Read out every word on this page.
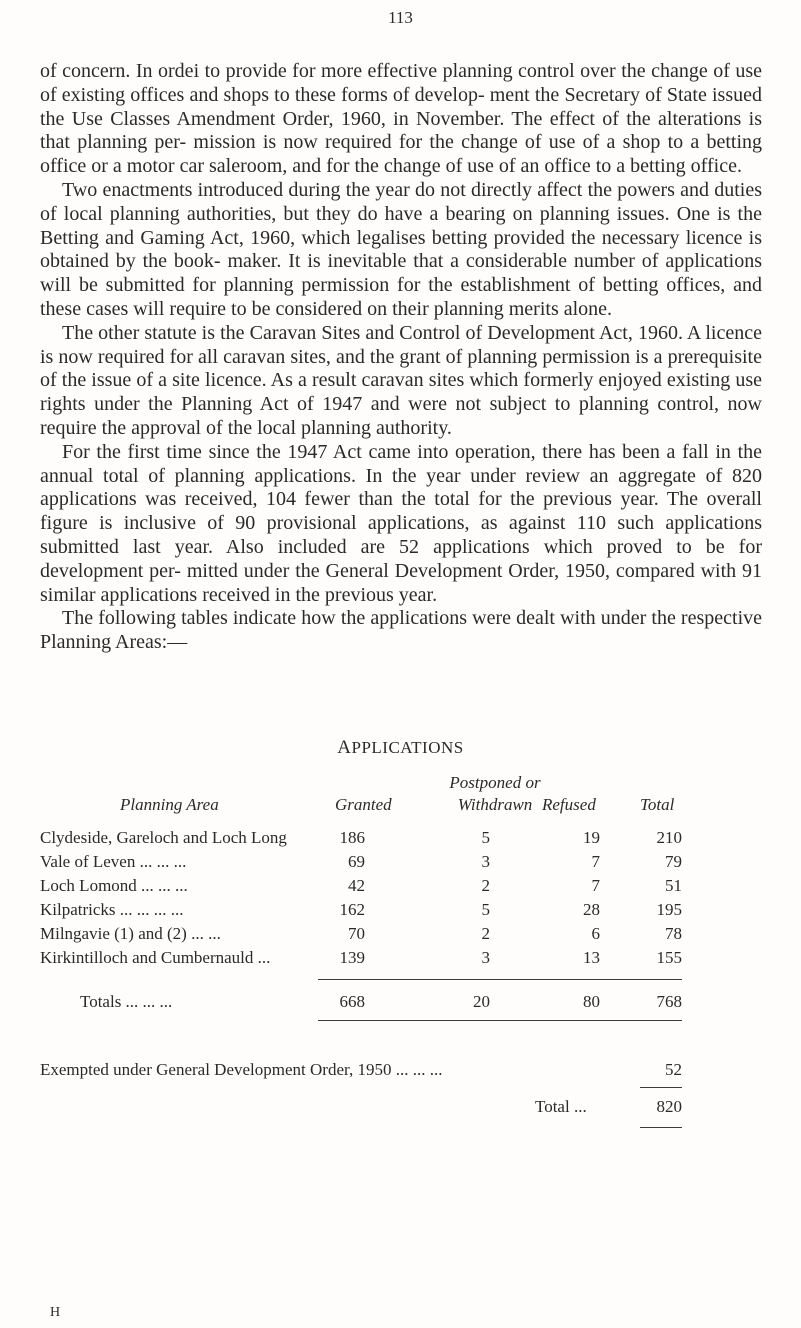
113

of concern. In ordei to provide for more effective planning control over the change of use of existing offices and shops to these forms of develop- ment the Secretary of State issued the Use Classes Amendment Order, 1960, in November. The effect of the alterations is that planning per- mission is now required for the change of use of a shop to a betting office or a motor car saleroom, and for the change of use of an office to a betting office.

Two enactments introduced during the year do not directly affect the powers and duties of local planning authorities, but they do have a bearing on planning issues. One is the Betting and Gaming Act, 1960, which legalises betting provided the necessary licence is obtained by the book- maker. It is inevitable that a considerable number of applications will be submitted for planning permission for the establishment of betting offices, and these cases will require to be considered on their planning merits alone.

The other statute is the Caravan Sites and Control of Development Act, 1960. A licence is now required for all caravan sites, and the grant of planning permission is a prerequisite of the issue of a site licence. As a result caravan sites which formerly enjoyed existing use rights under the Planning Act of 1947 and were not subject to planning control, now require the approval of the local planning authority.

For the first time since the 1947 Act came into operation, there has been a fall in the annual total of planning applications. In the year under review an aggregate of 820 applications was received, 104 fewer than the total for the previous year. The overall figure is inclusive of 90 provisional applications, as against 110 such applications submitted last year. Also included are 52 applications which proved to be for development per- mitted under the General Development Order, 1950, compared with 91 similar applications received in the previous year.

The following tables indicate how the applications were dealt with under the respective Planning Areas:—

APPLICATIONS
Planning Area	Granted
Postponed or
Withdrawn Refused	Total
Clydeside, Gareloch and Loch Long	186	5	19	210
Vale of Leven ... ... ...	69	3	7	79
Loch Lomond ... ... ...	42	2	7	51
Kilpatricks ... ... ... ...	162	5	28	195
Milngavie (1) and (2) ... ...	70	2	6	78
Kirkintilloch and Cumbernauld ...	139	3	13	155
Totals ... ... ...	668	20	80	768
Exempted under General Development Order, 1950 ... ... ...	52
Total ...	820
H
